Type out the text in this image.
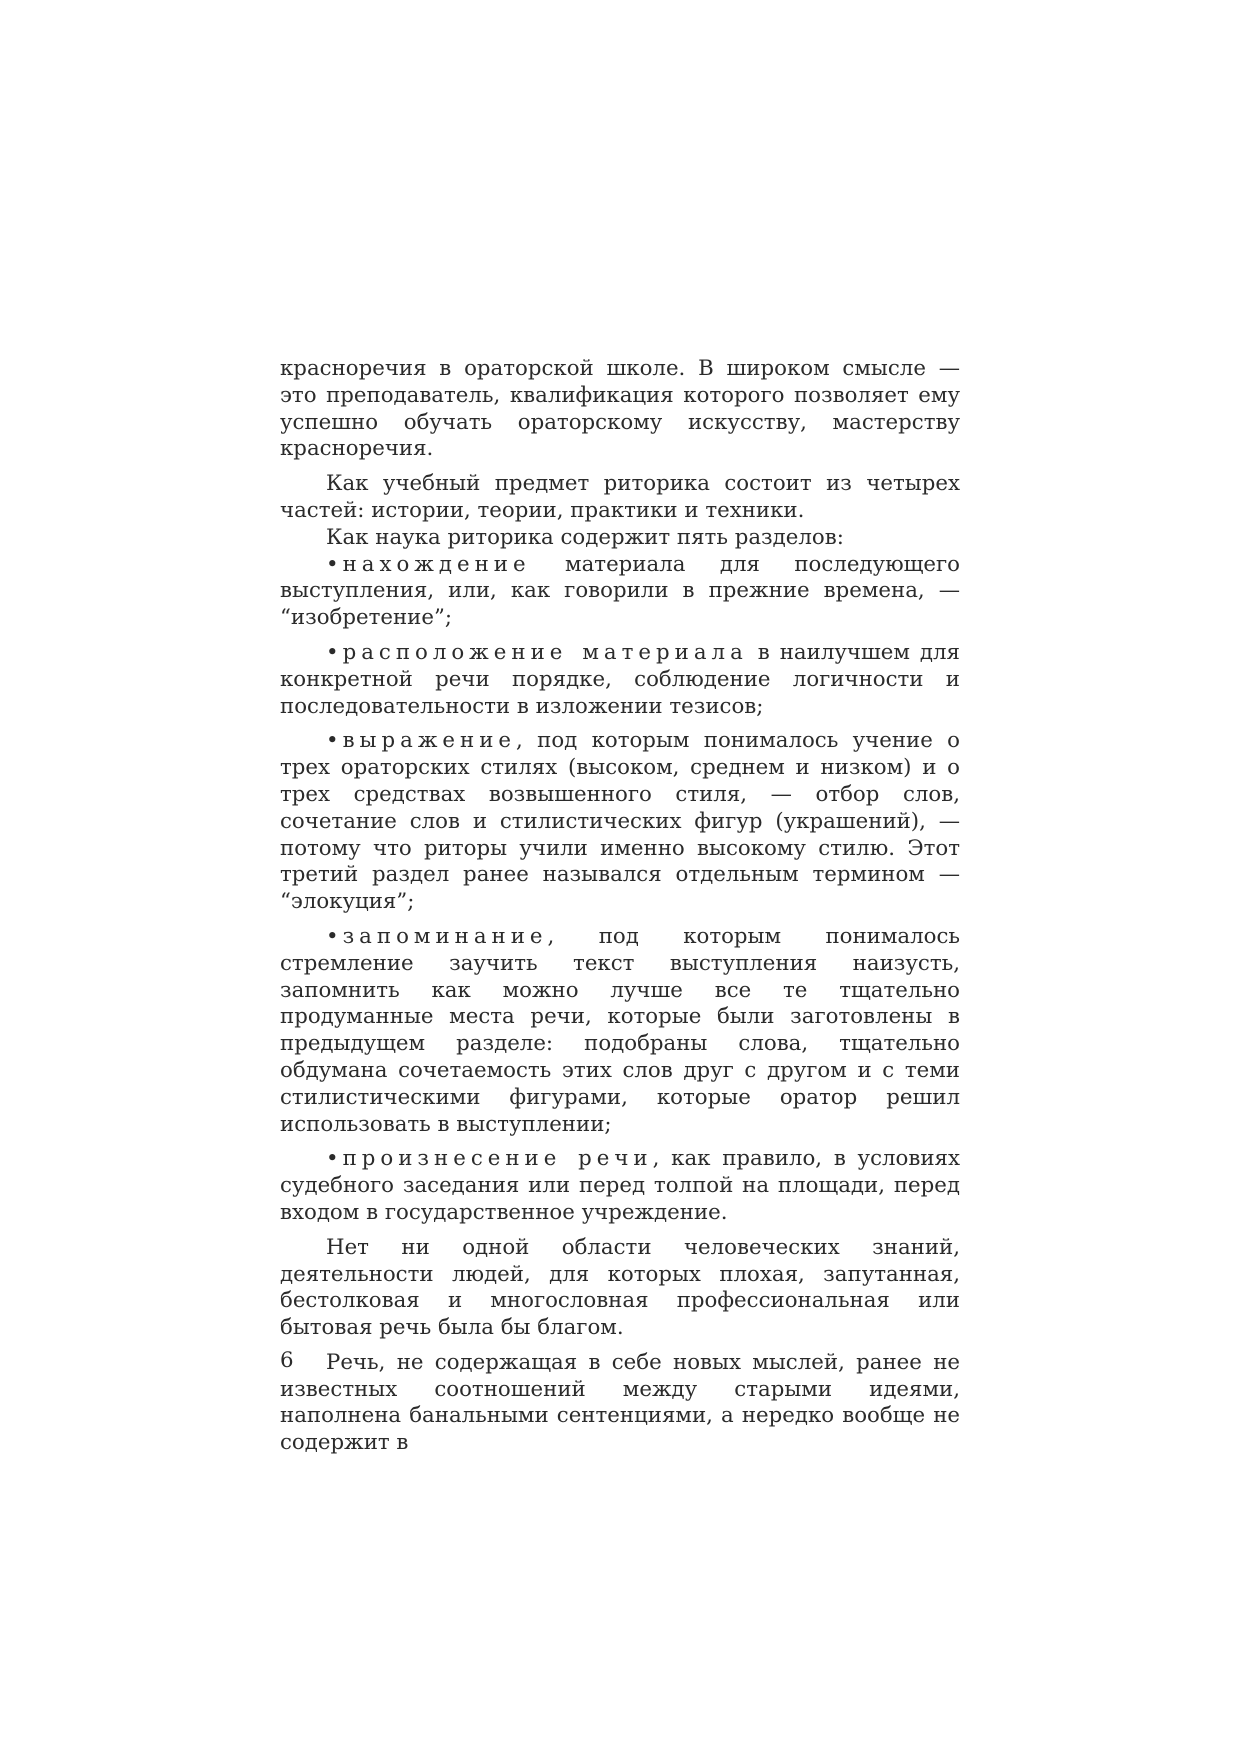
красноречия в ораторской школе. В широком смысле — это преподаватель, квалификация которого позволяет ему успешно обучать ораторскому искусству, мастерству красноречия.

Как учебный предмет риторика состоит из четырех частей: истории, теории, практики и техники.

Как наука риторика содержит пять разделов:

• нахождение материала для последующего выступления, или, как говорили в прежние времена, — “изобретение”;

• расположение материала в наилучшем для конкретной речи порядке, соблюдение логичности и последовательности в изложении тезисов;

• выражение, под которым понималось учение о трех ораторских стилях (высоком, среднем и низком) и о трех средствах возвышенного стиля, — отбор слов, сочетание слов и стилистических фигур (украшений), — потому что риторы учили именно высокому стилю. Этот третий раздел ранее назывался отдельным термином — “элокуция”;

• запоминание, под которым понималось стремление заучить текст выступления наизусть, запомнить как можно лучше все те тщательно продуманные места речи, которые были заготовлены в предыдущем разделе: подобраны слова, тщательно обдумана сочетаемость этих слов друг с другом и с теми стилистическими фигурами, которые оратор решил использовать в выступлении;

• произнесение речи, как правило, в условиях судебного заседания или перед толпой на площади, перед входом в государственное учреждение.

Нет ни одной области человеческих знаний, деятельности людей, для которых плохая, запутанная, бестолковая и многословная профессиональная или бытовая речь была бы благом.

Речь, не содержащая в себе новых мыслей, ранее не известных соотношений между старыми идеями, наполнена банальными сентенциями, а нередко вообще не содержит в

6
